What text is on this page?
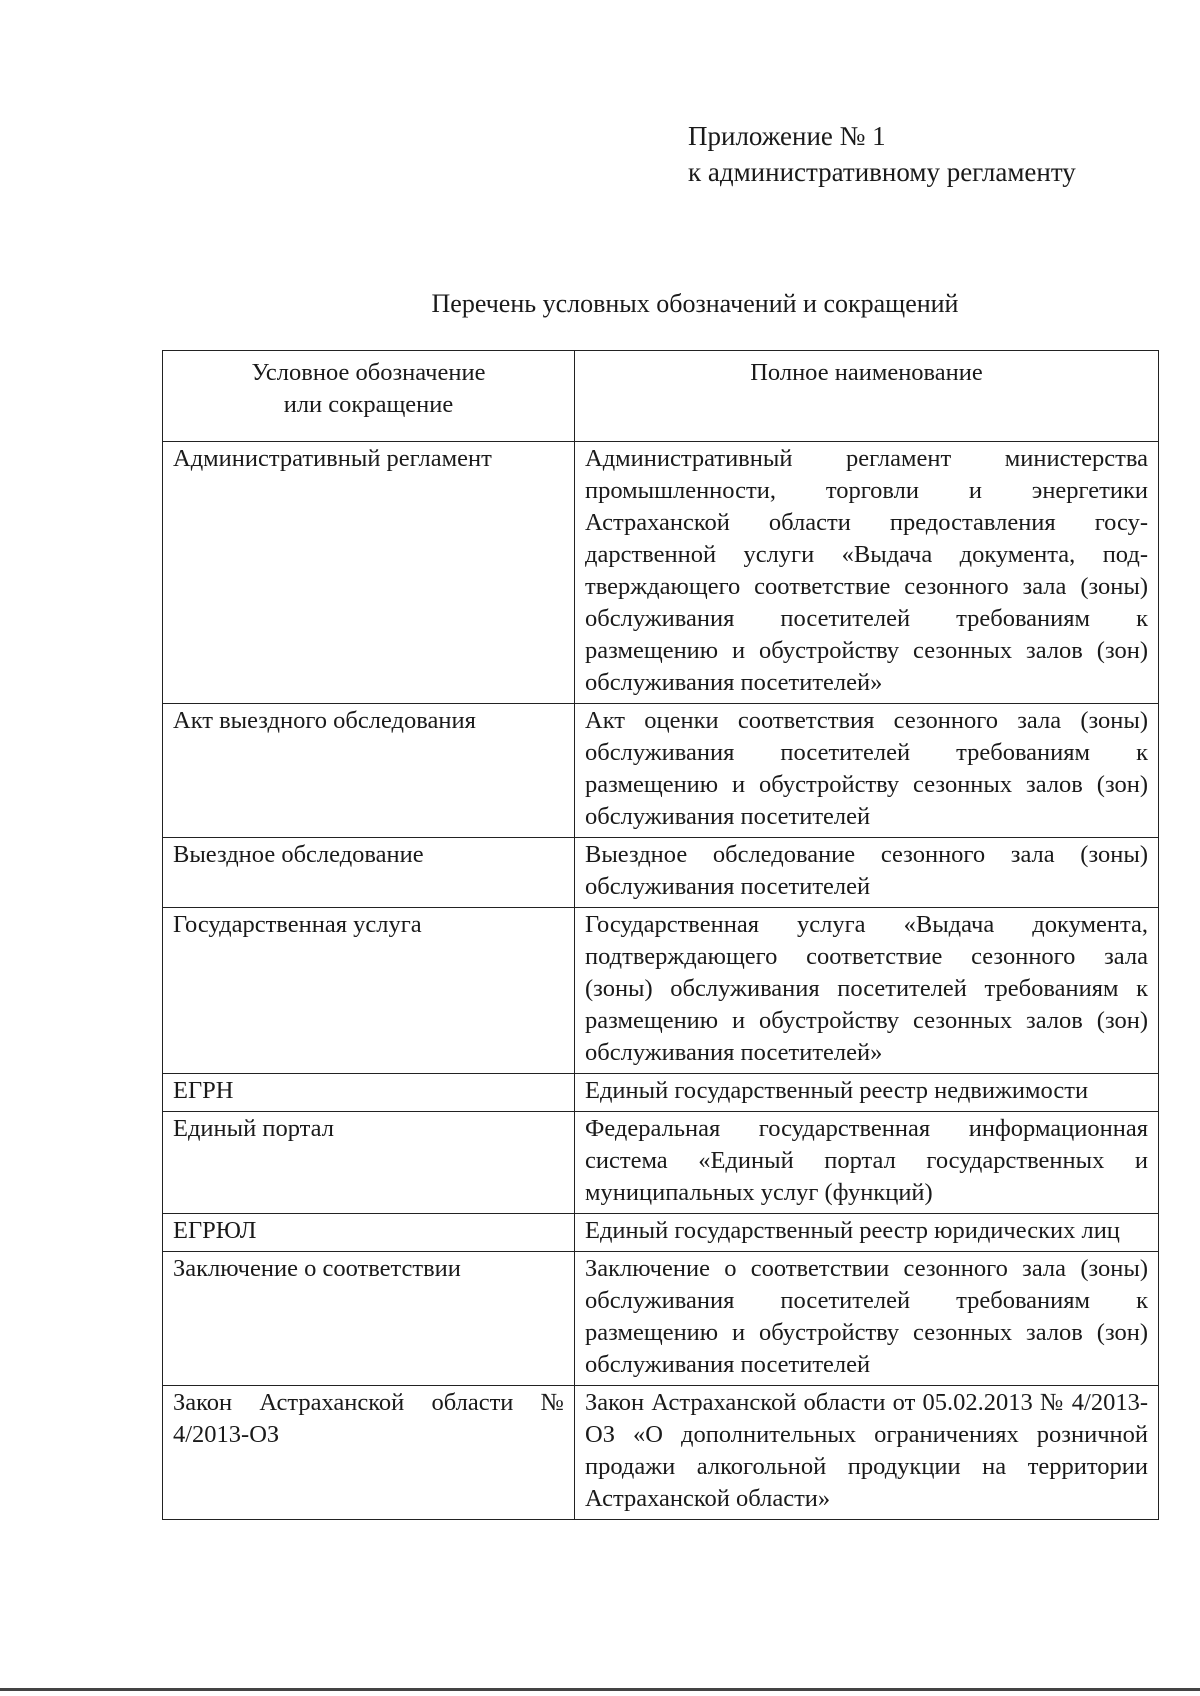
Приложение № 1
к административному регламенту
Перечень условных обозначений и сокращений
Условное обозначение
или сокращение	Полное наименование
Административный регламент	Административный регламент министерства промышленности, торговли и энергетики Астраханской области предоставления государственной услуги «Выдача документа, подтверждающего соответствие сезонного зала (зоны) обслуживания посетителей требованиям к размещению и обустройству сезонных залов (зон) обслуживания посетителей»
Акт выездного обследования	Акт оценки соответствия сезонного зала (зоны) обслуживания посетителей требованиям к размещению и обустройству сезонных залов (зон) обслуживания посетителей
Выездное обследование	Выездное обследование сезонного зала (зоны) обслуживания посетителей
Государственная услуга	Государственная услуга «Выдача документа, подтверждающего соответствие сезонного зала (зоны) обслуживания посетителей требованиям к размещению и обустройству сезонных залов (зон) обслуживания посетителей»
ЕГРН	Единый государственный реестр недвижимости
Единый портал	Федеральная государственная информационная система «Единый портал государственных и муниципальных услуг (функций)
ЕГРЮЛ	Единый государственный реестр юридических лиц
Заключение о соответствии	Заключение о соответствии сезонного зала (зоны) обслуживания посетителей требованиям к размещению и обустройству сезонных залов (зон) обслуживания посетителей
Закон Астраханской области № 4/2013-ОЗ	Закон Астраханской области от 05.02.2013 № 4/2013-ОЗ «О дополнительных ограничениях розничной продажи алкогольной продукции на территории Астраханской области»
